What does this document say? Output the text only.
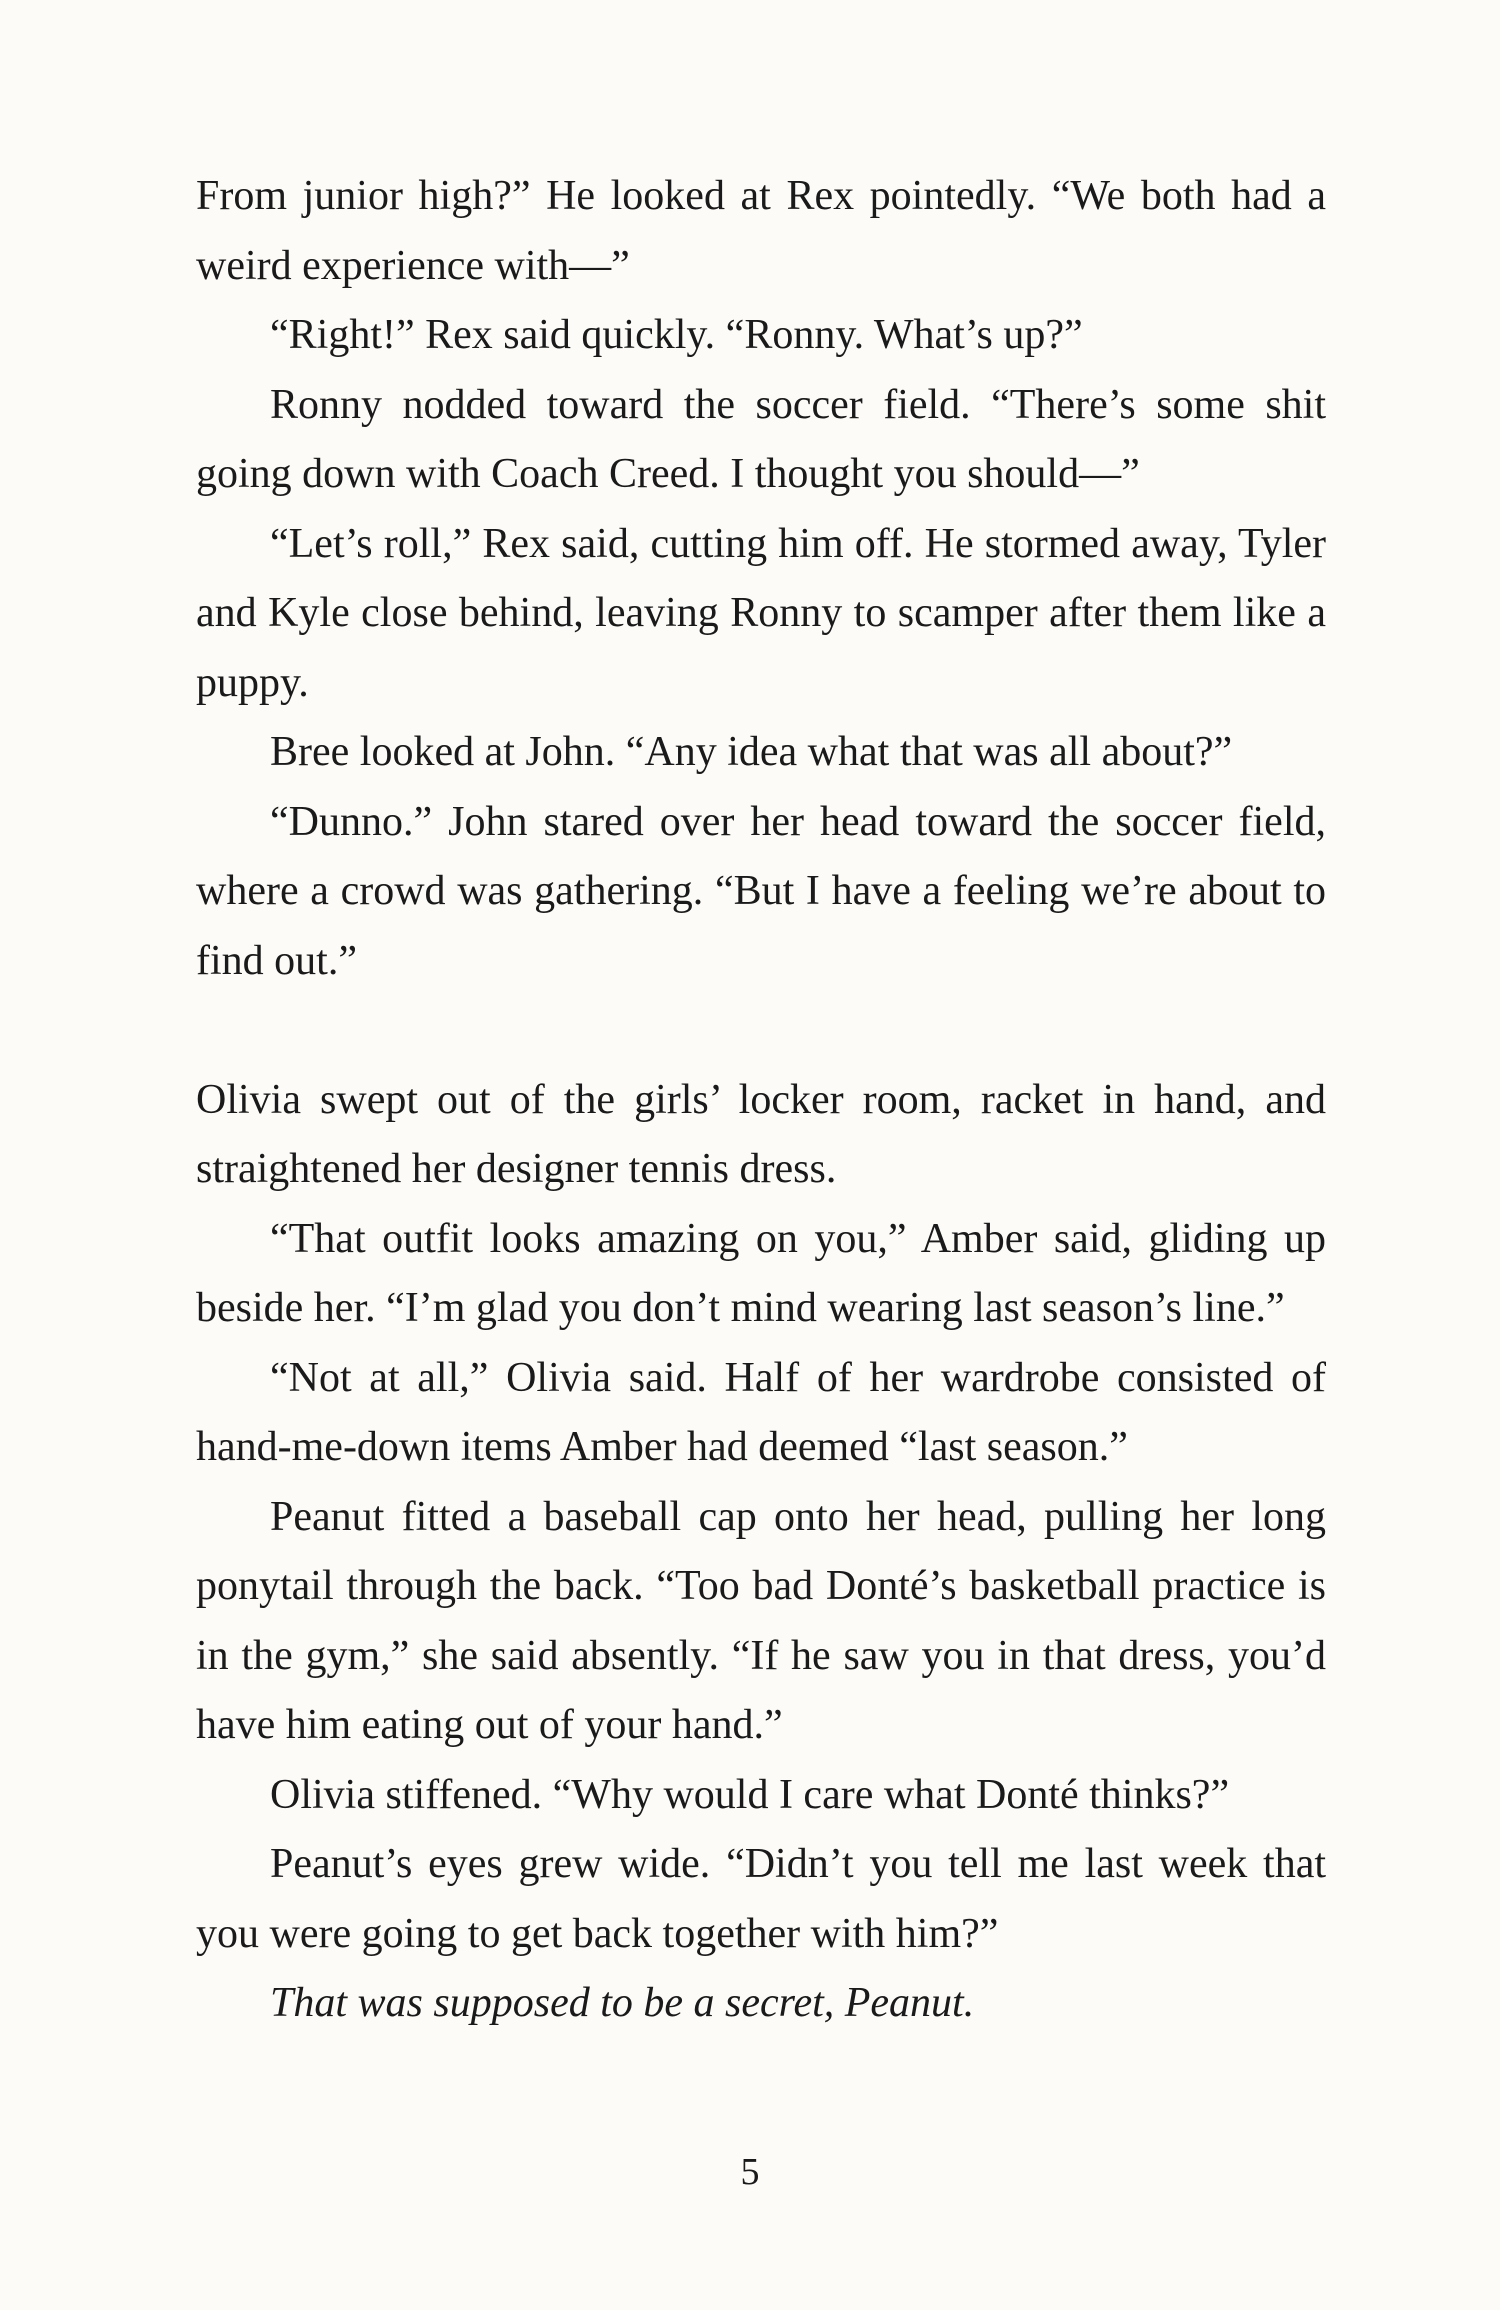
From junior high?” He looked at Rex pointedly. “We both had a weird experience with—”

“Right!” Rex said quickly. “Ronny. What’s up?”

Ronny nodded toward the soccer field. “There’s some shit going down with Coach Creed. I thought you should—”

“Let’s roll,” Rex said, cutting him off. He stormed away, Tyler and Kyle close behind, leaving Ronny to scamper after them like a puppy.

Bree looked at John. “Any idea what that was all about?”

“Dunno.” John stared over her head toward the soccer field, where a crowd was gathering. “But I have a feeling we’re about to find out.”

Olivia swept out of the girls’ locker room, racket in hand, and straightened her designer tennis dress.

“That outfit looks amazing on you,” Amber said, gliding up beside her. “I’m glad you don’t mind wearing last season’s line.”

“Not at all,” Olivia said. Half of her wardrobe consisted of hand-me-down items Amber had deemed “last season.”

Peanut fitted a baseball cap onto her head, pulling her long ponytail through the back. “Too bad Donté’s basketball practice is in the gym,” she said absently. “If he saw you in that dress, you’d have him eating out of your hand.”

Olivia stiffened. “Why would I care what Donté thinks?”

Peanut’s eyes grew wide. “Didn’t you tell me last week that you were going to get back together with him?”

That was supposed to be a secret, Peanut.

5
